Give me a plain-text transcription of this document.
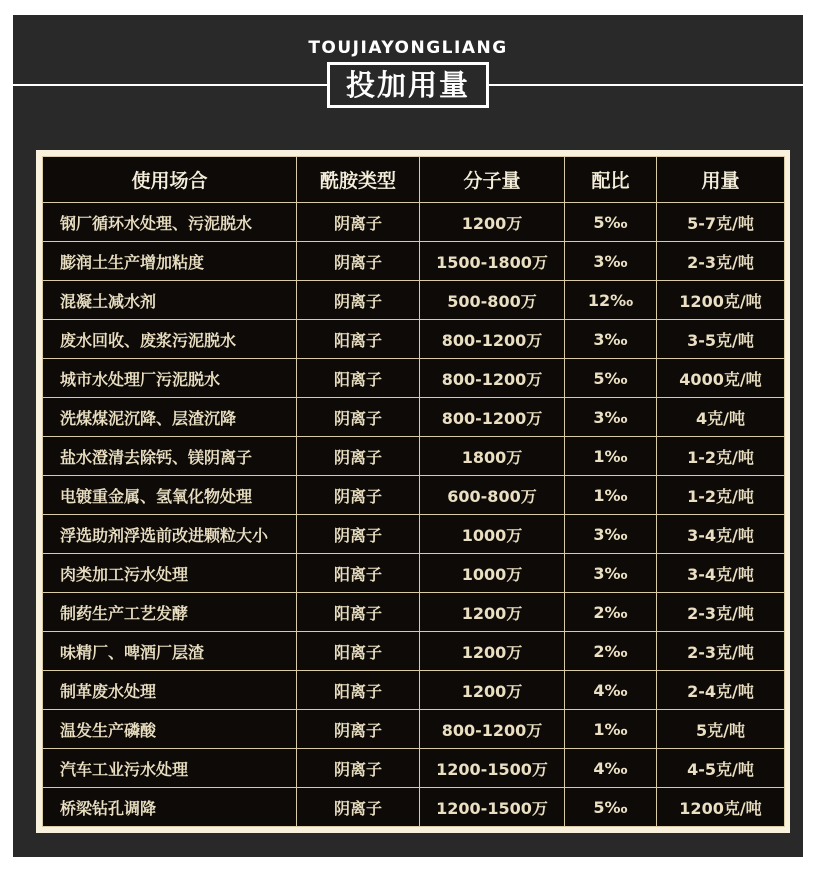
TOUJIAYONGLIANG
投加用量
使用场合	酰胺类型	分子量	配比	用量
钢厂循环水处理、污泥脱水	阴离子	1200万	5‰	5-7克/吨
膨润土生产增加粘度	阴离子	1500-1800万	3‰	2-3克/吨
混凝土减水剂	阴离子	500-800万	12‰	1200克/吨
废水回收、废浆污泥脱水	阳离子	800-1200万	3‰	3-5克/吨
城市水处理厂污泥脱水	阳离子	800-1200万	5‰	4000克/吨
洗煤煤泥沉降、层渣沉降	阴离子	800-1200万	3‰	4克/吨
盐水澄清去除钙、镁阴离子	阴离子	1800万	1‰	1-2克/吨
电镀重金属、氢氧化物处理	阴离子	600-800万	1‰	1-2克/吨
浮选助剂浮选前改进颗粒大小	阴离子	1000万	3‰	3-4克/吨
肉类加工污水处理	阳离子	1000万	3‰	3-4克/吨
制药生产工艺发酵	阳离子	1200万	2‰	2-3克/吨
味精厂、啤酒厂层渣	阳离子	1200万	2‰	2-3克/吨
制革废水处理	阳离子	1200万	4‰	2-4克/吨
温发生产磷酸	阴离子	800-1200万	1‰	5克/吨
汽车工业污水处理	阴离子	1200-1500万	4‰	4-5克/吨
桥梁钻孔调降	阴离子	1200-1500万	5‰	1200克/吨
